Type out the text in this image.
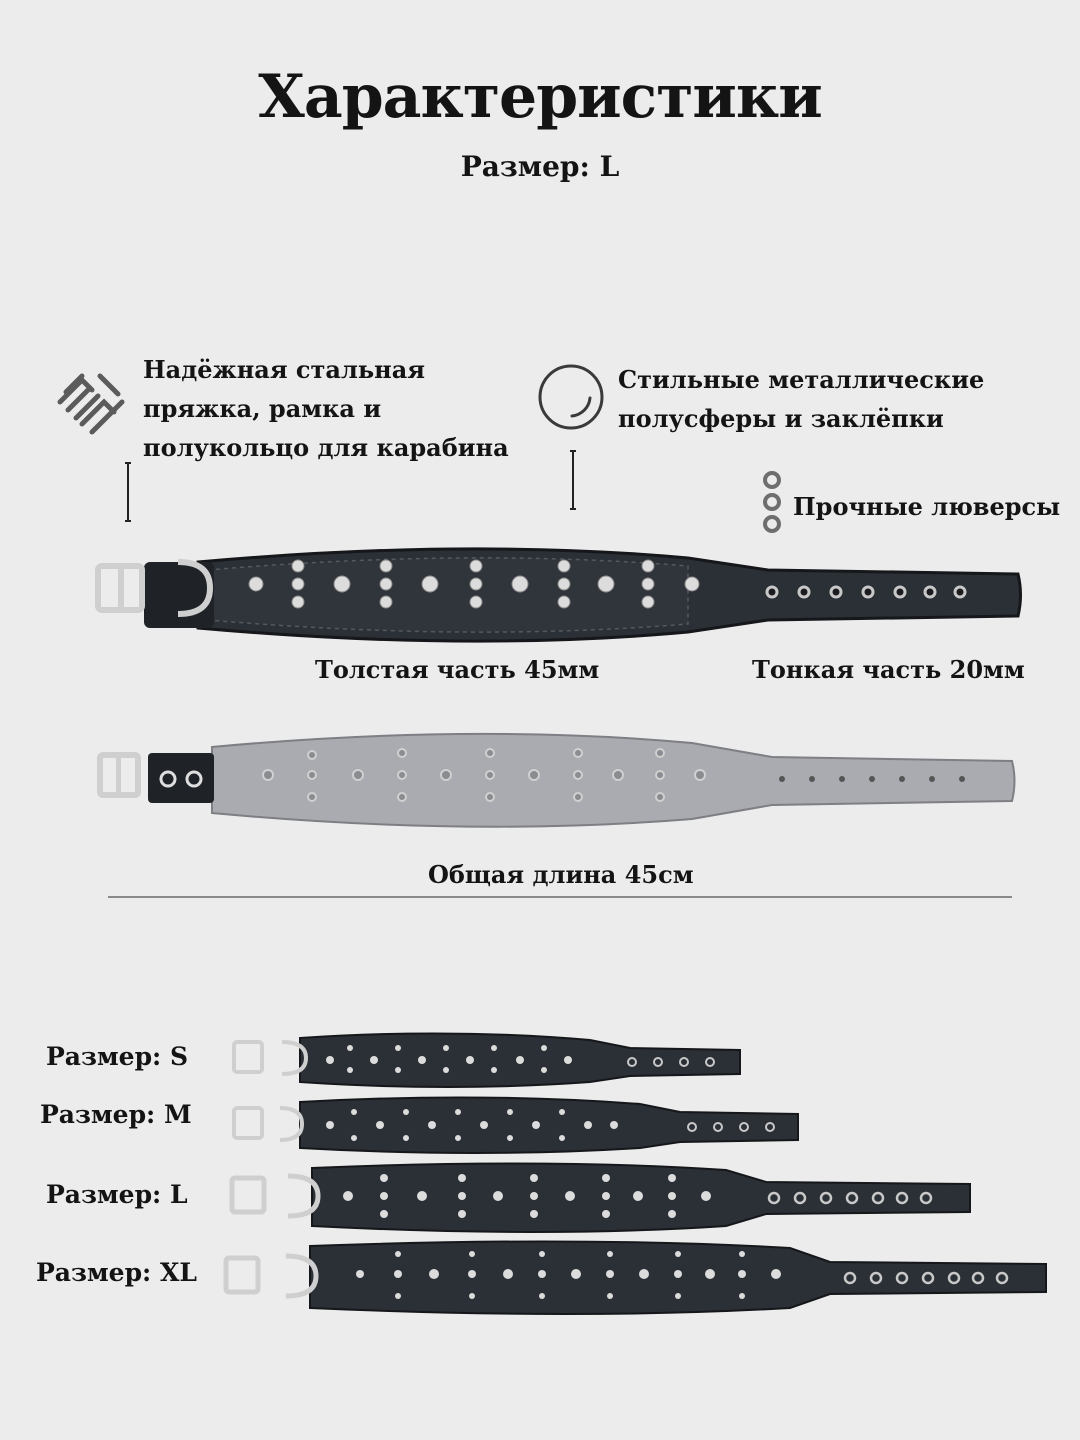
Характеристики
Размер: L
Надёжная стальная
пряжка, рамка и
полукольцо для карабина
Стильные металлические
полусферы и заклёпки
Прочные люверсы
Толстая часть 45мм	Тонкая часть 20мм
Общая длина 45см
Размер: S
Размер: M
Размер: L
Размер: XL
